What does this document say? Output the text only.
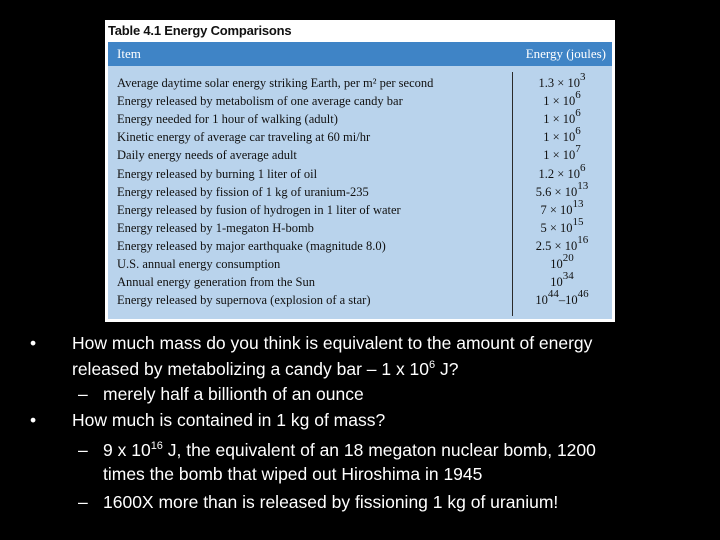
Table 4.1 Energy Comparisons
Item	Energy (joules)
Average daytime solar energy striking Earth, per m² per second	$1.3 \times 10^3$
Energy released by metabolism of one average candy bar	$1 \times 10^6$
Energy needed for 1 hour of walking (adult)	$1 \times 10^6$
Kinetic energy of average car traveling at 60 mi/hr	$1 \times 10^6$
Daily energy needs of average adult	$1 \times 10^7$
Energy released by burning 1 liter of oil	$1.2 \times 10^6$
Energy released by fission of 1 kg of uranium-235	$5.6 \times 10^{13}$
Energy released by fusion of hydrogen in 1 liter of water	$7 \times 10^{13}$
Energy released by 1-megaton H-bomb	$5 \times 10^{15}$
Energy released by major earthquake (magnitude 8.0)	$2.5 \times 10^{16}$
U.S. annual energy consumption	$10^{20}$
Annual energy generation from the Sun	$10^{34}$
Energy released by supernova (explosion of a star)	$10^{44}-10^{46}$
• How much mass do you think is equivalent to the amount of energy
released by metabolizing a candy bar – 1 x $10^6$ J?
– merely half a billionth of an ounce
• How much is contained in 1 kg of mass?
– 9 x $10^{16}$ J, the equivalent of an 18 megaton nuclear bomb, 1200
times the bomb that wiped out Hiroshima in 1945
– 1600X more than is released by fissioning 1 kg of uranium!
